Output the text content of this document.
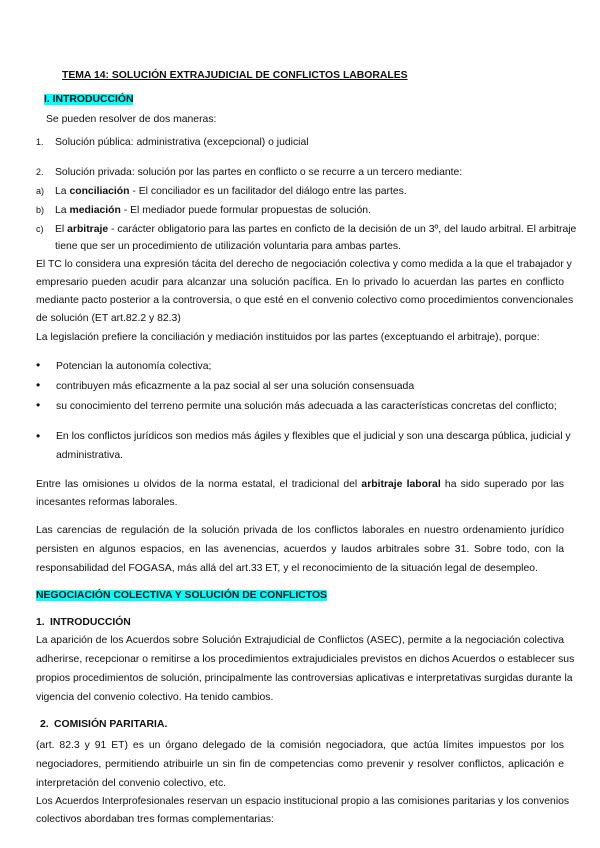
TEMA 14: SOLUCIÓN EXTRAJUDICIAL DE CONFLICTOS LABORALES
I. INTRODUCCIÓN
Se pueden resolver de dos maneras:
1. Solución pública: administrativa (excepcional) o judicial
2. Solución privada: solución por las partes en conflicto o se recurre a un tercero mediante:
a) La conciliación - El conciliador es un facilitador del diálogo entre las partes.
b) La mediación - El mediador puede formular propuestas de solución.
c) El arbitraje - carácter obligatorio para las partes en conficto de la decisión de un 3º, del laudo arbitral. El arbitraje
tiene que ser un procedimiento de utilización voluntaria para ambas partes.
El TC lo considera una expresión tácita del derecho de negociación colectiva y como medida a la que el trabajador y
empresario pueden acudir para alcanzar una solución pacífica. En lo privado lo acuerdan las partes en conflicto
mediante pacto posterior a la controversia, o que esté en el convenio colectivo como procedimientos convencionales
de solución (ET art.82.2 y 82.3)
La legislación prefiere la conciliación y mediación instituidos por las partes (exceptuando el arbitraje), porque:
• Potencian la autonomía colectiva;
• contribuyen más eficazmente a la paz social al ser una solución consensuada
• su conocimiento del terreno permite una solución más adecuada a las características concretas del conflicto;
• En los conflictos jurídicos son medios más ágiles y flexibles que el judicial y son una descarga pública, judicial y
administrativa.
Entre las omisiones u olvidos de la norma estatal, el tradicional del arbitraje laboral ha sido superado por las
incesantes reformas laborales.
Las carencias de regulación de la solución privada de los conflictos laborales en nuestro ordenamiento jurídico
persisten en algunos espacios, en las avenencias, acuerdos y laudos arbitrales sobre 31. Sobre todo, con la
responsabilidad del FOGASA, más allá del art.33 ET, y el reconocimiento de la situación legal de desempleo.
NEGOCIACIÓN COLECTIVA Y SOLUCIÓN DE CONFLICTOS
1. INTRODUCCIÓN
La aparición de los Acuerdos sobre Solución Extrajudicial de Conflictos (ASEC), permite a la negociación colectiva
adherirse, recepcionar o remitirse a los procedimientos extrajudiciales previstos en dichos Acuerdos o establecer sus
propios procedimientos de solución, principalmente las controversias aplicativas e interpretativas surgidas durante la
vigencia del convenio colectivo. Ha tenido cambios.
2. COMISIÓN PARITARIA.
(art. 82.3 y 91 ET) es un órgano delegado de la comisión negociadora, que actúa límites impuestos por los
negociadores, permitiendo atribuirle un sin fin de competencias como prevenir y resolver conflictos, aplicación e
interpretación del convenio colectivo, etc.
Los Acuerdos Interprofesionales reservan un espacio institucional propio a las comisiones paritarias y los convenios
colectivos abordaban tres formas complementarias:
